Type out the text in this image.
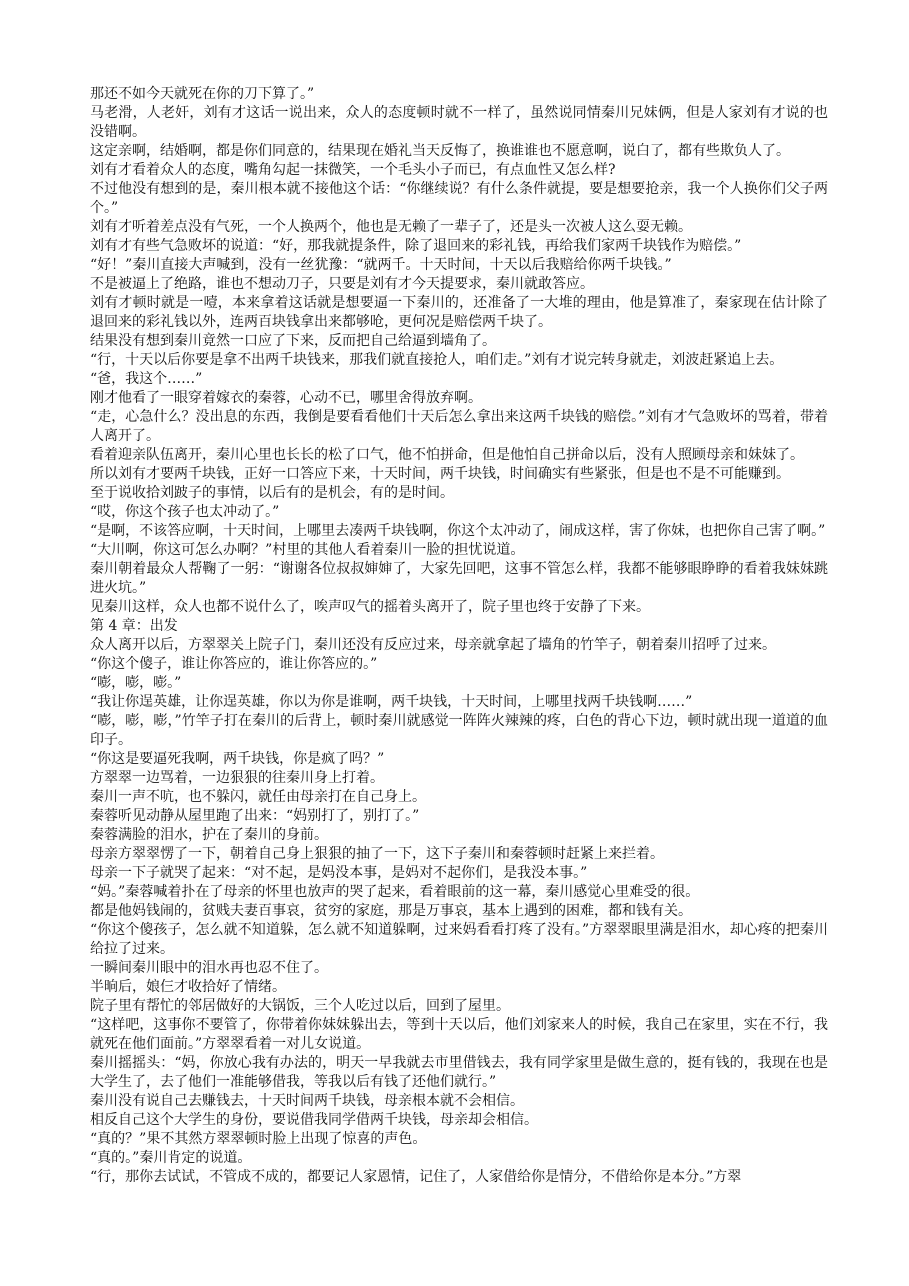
那还不如今天就死在你的刀下算了。”

马老滑，人老奸，刘有才这话一说出来，众人的态度顿时就不一样了，虽然说同情秦川兄妹俩，但是人家刘有才说的也没错啊。

这定亲啊，结婚啊，都是你们同意的，结果现在婚礼当天反悔了，换谁谁也不愿意啊，说白了，都有些欺负人了。

刘有才看着众人的态度，嘴角勾起一抹微笑，一个毛头小子而已，有点血性又怎么样?

不过他没有想到的是，秦川根本就不接他这个话：“你继续说？有什么条件就提，要是想要抢亲，我一个人换你们父子两个。”

刘有才听着差点没有气死，一个人换两个，他也是无赖了一辈子了，还是头一次被人这么耍无赖。

刘有才有些气急败坏的说道：“好，那我就提条件，除了退回来的彩礼钱，再给我们家两千块钱作为赔偿。”

“好！”秦川直接大声喊到，没有一丝犹豫：“就两千。十天时间，十天以后我赔给你两千块钱。”

不是被逼上了绝路，谁也不想动刀子，只要是刘有才今天提要求，秦川就敢答应。

刘有才顿时就是一噎，本来拿着这话就是想要逼一下秦川的，还准备了一大堆的理由，他是算准了，秦家现在估计除了退回来的彩礼钱以外，连两百块钱拿出来都够呛，更何况是赔偿两千块了。

结果没有想到秦川竟然一口应了下来，反而把自己给逼到墙角了。

“行，十天以后你要是拿不出两千块钱来，那我们就直接抢人，咱们走。”刘有才说完转身就走，刘波赶紧追上去。

“爸，我这个……”

刚才他看了一眼穿着嫁衣的秦蓉，心动不已，哪里舍得放弃啊。

“走，心急什么？没出息的东西，我倒是要看看他们十天后怎么拿出来这两千块钱的赔偿。”刘有才气急败坏的骂着，带着人离开了。

看着迎亲队伍离开，秦川心里也长长的松了口气，他不怕拼命，但是他怕自己拼命以后，没有人照顾母亲和妹妹了。

所以刘有才要两千块钱，正好一口答应下来，十天时间，两千块钱，时间确实有些紧张，但是也不是不可能赚到。

至于说收拾刘跛子的事情，以后有的是机会，有的是时间。

“哎，你这个孩子也太冲动了。”

“是啊，不该答应啊，十天时间，上哪里去凑两千块钱啊，你这个太冲动了，闹成这样，害了你妹，也把你自己害了啊。”

“大川啊，你这可怎么办啊？”村里的其他人看着秦川一脸的担忧说道。

秦川朝着最众人帮鞠了一躬：“谢谢各位叔叔婶婶了，大家先回吧，这事不管怎么样，我都不能够眼睁睁的看着我妹妹跳进火坑。”

见秦川这样，众人也都不说什么了，唉声叹气的摇着头离开了，院子里也终于安静了下来。

第 4 章：出发

众人离开以后，方翠翠关上院子门，秦川还没有反应过来，母亲就拿起了墙角的竹竿子，朝着秦川招呼了过来。

“你这个傻子，谁让你答应的，谁让你答应的。”

“嘭，嘭，嘭。”

“我让你逞英雄，让你逞英雄，你以为你是谁啊，两千块钱，十天时间，上哪里找两千块钱啊……”

“嘭，嘭，嘭，”竹竿子打在秦川的后背上，顿时秦川就感觉一阵阵火辣辣的疼，白色的背心下边，顿时就出现一道道的血印子。

“你这是要逼死我啊，两千块钱，你是疯了吗？”

方翠翠一边骂着，一边狠狠的往秦川身上打着。

秦川一声不吭，也不躲闪，就任由母亲打在自己身上。

秦蓉听见动静从屋里跑了出来：“妈别打了，别打了。”

秦蓉满脸的泪水，护在了秦川的身前。

母亲方翠翠愣了一下，朝着自己身上狠狠的抽了一下，这下子秦川和秦蓉顿时赶紧上来拦着。

母亲一下子就哭了起来：“对不起，是妈没本事，是妈对不起你们，是我没本事。”

“妈。”秦蓉喊着扑在了母亲的怀里也放声的哭了起来，看着眼前的这一幕，秦川感觉心里难受的很。

都是他妈钱闹的，贫贱夫妻百事哀，贫穷的家庭，那是万事哀，基本上遇到的困难，都和钱有关。

“你这个傻孩子，怎么就不知道躲，怎么就不知道躲啊，过来妈看看打疼了没有。”方翠翠眼里满是泪水，却心疼的把秦川给拉了过来。

一瞬间秦川眼中的泪水再也忍不住了。

半晌后，娘仨才收拾好了情绪。

院子里有帮忙的邻居做好的大锅饭，三个人吃过以后，回到了屋里。

“这样吧，这事你不要管了，你带着你妹妹躲出去，等到十天以后，他们刘家来人的时候，我自己在家里，实在不行，我就死在他们面前。”方翠翠看着一对儿女说道。

秦川摇摇头：“妈，你放心我有办法的，明天一早我就去市里借钱去，我有同学家里是做生意的，挺有钱的，我现在也是大学生了，去了他们一准能够借我，等我以后有钱了还他们就行。”

秦川没有说自己去赚钱去，十天时间两千块钱，母亲根本就不会相信。

相反自己这个大学生的身份，要说借我同学借两千块钱，母亲却会相信。

“真的？”果不其然方翠翠顿时脸上出现了惊喜的声色。

“真的。”秦川肯定的说道。

“行，那你去试试，不管成不成的，都要记人家恩情，记住了，人家借给你是情分，不借给你是本分。”方翠
